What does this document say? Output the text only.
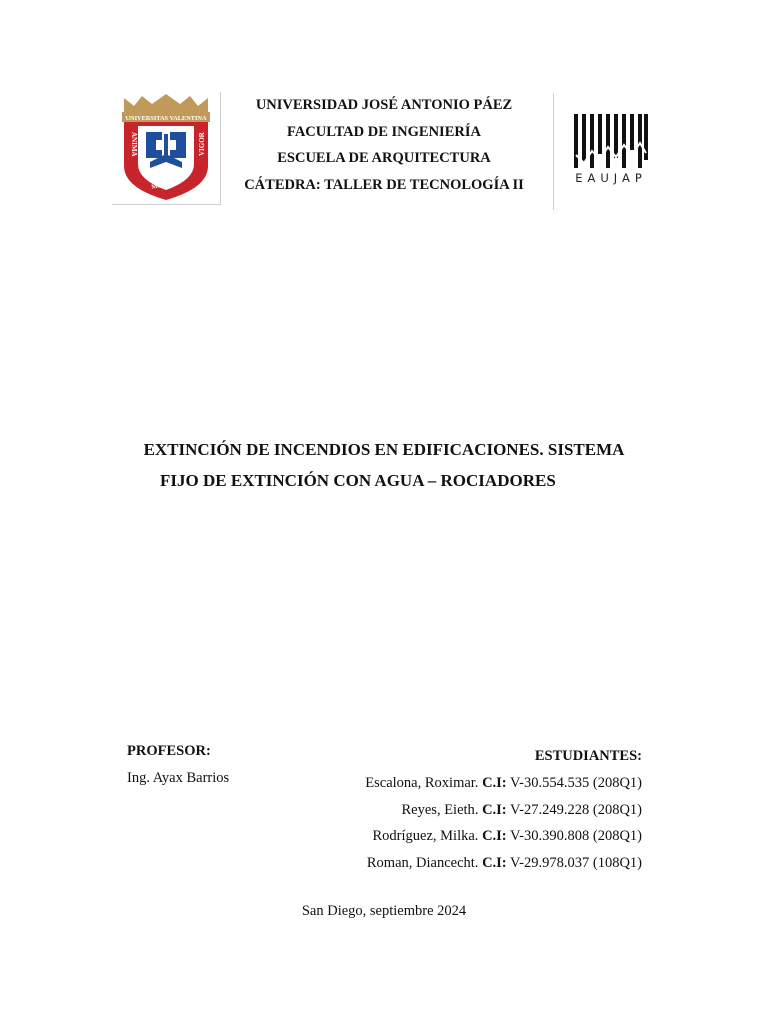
UNIVERSITAS VALENTINA
ANIMA	VIGOR
MENS ET
UNIVERSIDAD JOSÉ ANTONIO PÁEZ
FACULTAD DE INGENIERÍA
ESCUELA DE ARQUITECTURA
CÁTEDRA: TALLER DE TECNOLOGÍA II	EAUJAP
EXTINCIÓN DE INCENDIOS EN EDIFICACIONES. SISTEMA
FIJO DE EXTINCIÓN CON AGUA – ROCIADORES
PROFESOR:
Ing. Ayax Barrios
ESTUDIANTES:
Escalona, Roximar. C.I: V-30.554.535 (208Q1)
Reyes, Eieth. C.I: V-27.249.228 (208Q1)
Rodríguez, Milka. C.I: V-30.390.808 (208Q1)
Roman, Diancecht. C.I: V-29.978.037 (108Q1)
San Diego, septiembre 2024
